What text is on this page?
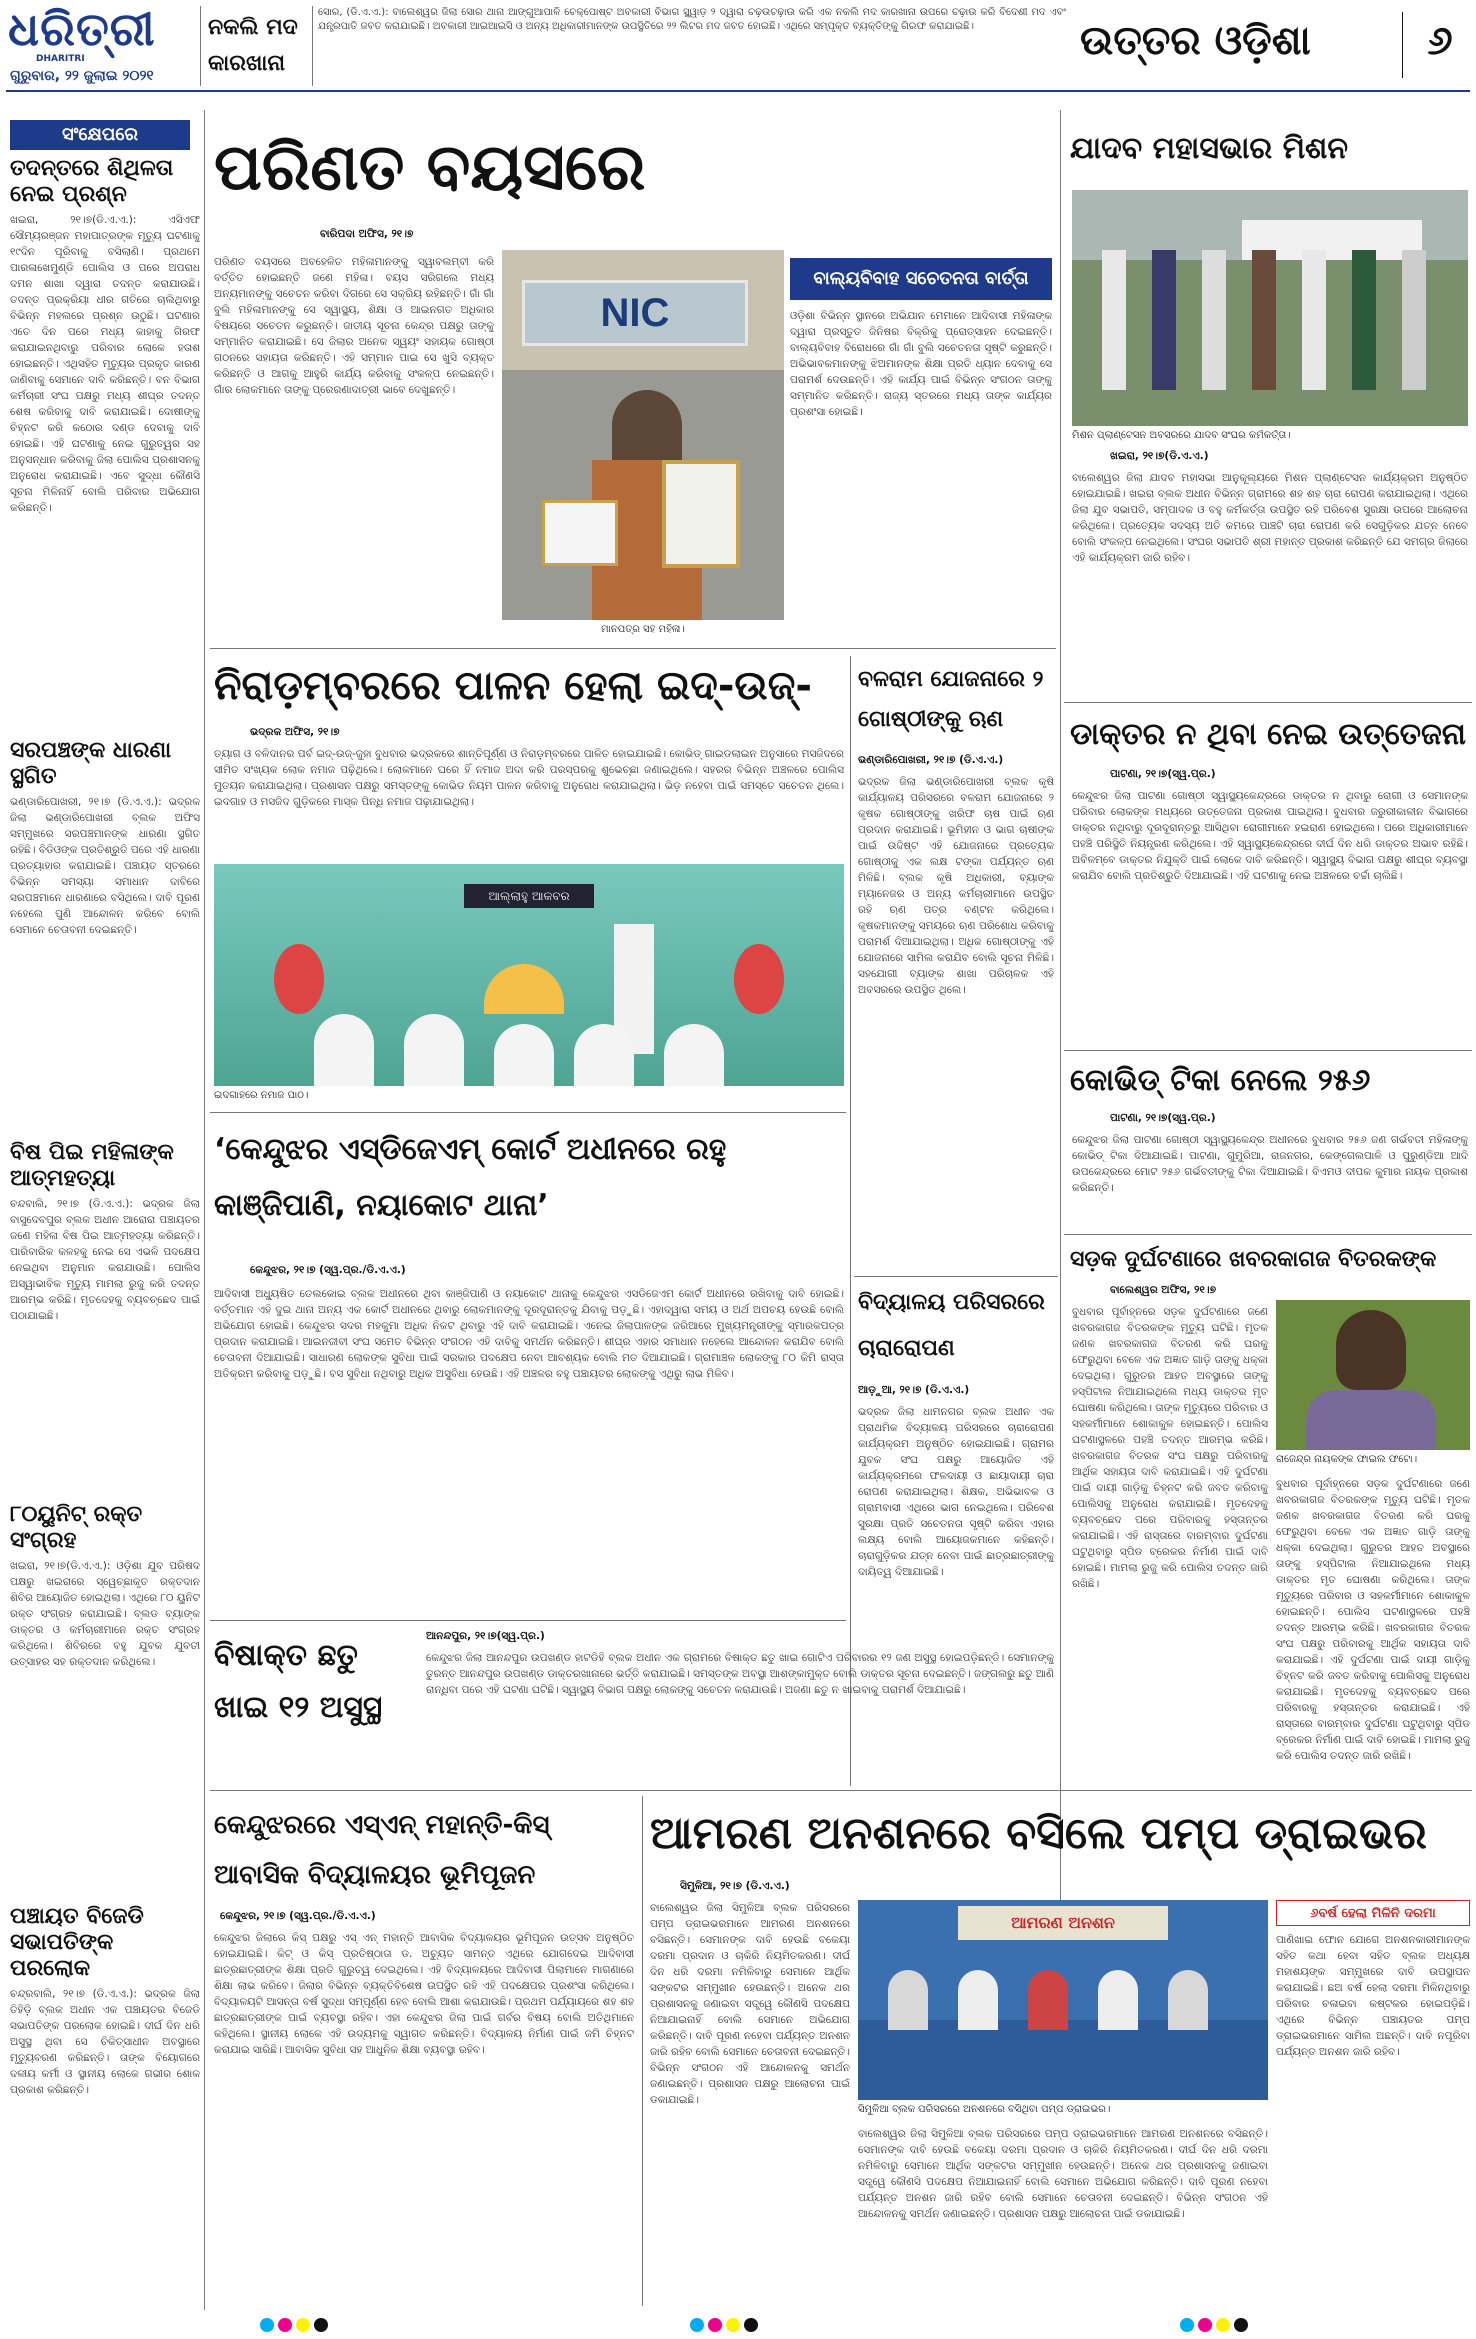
ଧରିତ୍ରୀ
DHARITRI
ଗୁରୁବାର, ୨୨ ଜୁଲାଇ ୨୦୨୧
ନକଲି ମଦ କାରଖାନା
ସୋର, (ଡି.ଏ.ଏ.): ବାଲେଶ୍ୱର ଜିଲା ସୋର ଥାନା ଆଙ୍ଗୁଆପାଳି ଚେକ୍‌ପୋଷ୍ଟ ଅବକାରୀ ବିଭାଗ ସ୍କ୍ୱାଡ଼ ୨ ଦ୍ୱାରା ଚଢ଼ଉଚଢ଼ାଉ କରି ଏକ ନକଲି ମଦ କାରଖାନା ଉପରେ ଚଢ଼ାଉ କରି ବିଦେଶୀ ମଦ ଏବଂ ଯନ୍ତ୍ରପାତି ଜବତ କରାଯାଇଛି। ଅବକାରୀ ଆଇଆଇସି ଓ ଅନ୍ୟ ଅଧିକାରୀମାନଙ୍କ ଉପସ୍ଥିତିରେ ୨୨ ଲିଟର ମଦ ଜବତ ହୋଇଛି। ଏଥିରେ ସମ୍ପୃକ୍ତ ବ୍ୟକ୍ତିଙ୍କୁ ଗିରଫ କରାଯାଇଛି।	ଉତ୍ତର ଓଡ଼ିଶା	୬
ସଂକ୍ଷେପରେ
ତଦନ୍ତରେ ଶିଥିଳତା ନେଇ ପ୍ରଶ୍ନ
ଖଇରା, ୨୧।୭(ଡି.ଏ.ଏ.): ଏସିଏଫ ସୌମ୍ୟରଞ୍ଜନ ମହାପାତ୍ରଙ୍କ ମୃତ୍ୟୁ ଘଟଣାକୁ ୧୯ଦିନ ପୂରିବାକୁ ବସିଲାଣି। ପ୍ରଥମେ ପାରଳାଖେମୁଣ୍ଡି ପୋଲିସ ଓ ପରେ ଅପରାଧ ଦମନ ଶାଖା ଦ୍ୱାରା ତଦନ୍ତ କରାଯାଉଛି। ତଦନ୍ତ ପ୍ରକ୍ରିୟା ଧୀର ଗତିରେ ଚାଲିଥିବାରୁ ବିଭିନ୍ନ ମହଲରେ ପ୍ରଶ୍ନ ଉଠୁଛି। ଘଟଣାର ଏତେ ଦିନ ପରେ ମଧ୍ୟ କାହାକୁ ଗିରଫ କରାଯାଇନଥିବାରୁ ପରିବାର ଲୋକେ ହତାଶ ହୋଇଛନ୍ତି। ଏଥିସହିତ ମୃତ୍ୟୁର ପ୍ରକୃତ କାରଣ ଜାଣିବାକୁ ସେମାନେ ଦାବି କରିଛନ୍ତି। ବନ ବିଭାଗ କର୍ମଚାରୀ ସଂଘ ପକ୍ଷରୁ ମଧ୍ୟ ଶୀଘ୍ର ତଦନ୍ତ ଶେଷ କରିବାକୁ ଦାବି କରାଯାଇଛି। ଦୋଷୀଙ୍କୁ ଚିହ୍ନଟ କରି କଠୋର ଦଣ୍ଡ ଦେବାକୁ ଦାବି ହୋଇଛି। ଏହି ଘଟଣାକୁ ନେଇ ଗୁରୁତ୍ୱର ସହ ଅନୁସନ୍ଧାନ କରିବାକୁ ଜିଲା ପୋଲିସ ପ୍ରଶାସନକୁ ଅନୁରୋଧ କରାଯାଇଛି। ଏବେ ସୁଦ୍ଧା କୌଣସି ସୂଚନା ମିଳିନାହିଁ ବୋଲି ପରିବାର ଅଭିଯୋଗ କରିଛନ୍ତି।
ସରପଞ୍ଚଙ୍କ ଧାରଣା ସ୍ଥଗିତ
ଭଣ୍ଡାରିପୋଖରୀ, ୨୧।୭ (ଡି.ଏ.ଏ.): ଭଦ୍ରକ ଜିଲା ଭଣ୍ଡାରିପୋଖରୀ ବ୍ଲକ ଅଫିସ ସମ୍ମୁଖରେ ସରପଞ୍ଚମାନଙ୍କ ଧାରଣା ସ୍ଥଗିତ ରହିଛି। ବିଡିଓଙ୍କ ପ୍ରତିଶ୍ରୁତି ପରେ ଏହି ଧାରଣା ପ୍ରତ୍ୟାହାର କରାଯାଇଛି। ପଞ୍ଚାୟତ ସ୍ତରରେ ବିଭିନ୍ନ ସମସ୍ୟା ସମାଧାନ ଦାବିରେ ସରପଞ୍ଚମାନେ ଧାରଣାରେ ବସିଥିଲେ। ଦାବି ପୂରଣ ନହେଲେ ପୁଣି ଆନ୍ଦୋଳନ କରିବେ ବୋଲି ସେମାନେ ଚେତାବନୀ ଦେଇଛନ୍ତି।
ବିଷ ପିଇ ମହିଳାଙ୍କ ଆତ୍ମହତ୍ୟା
ଚନ୍ଦବାଲି, ୨୧।୭ (ଡି.ଏ.ଏ.): ଭଦ୍ରକ ଜିଲା ବାସୁଦେବପୁର ବ୍ଲକ ଅଧୀନ ଆରୋରା ପଞ୍ଚାୟତର ଜଣେ ମହିଳା ବିଷ ପିଇ ଆତ୍ମହତ୍ୟା କରିଛନ୍ତି। ପାରିବାରିକ କଳହକୁ ନେଇ ସେ ଏଭଳି ପଦକ୍ଷେପ ନେଇଥିବା ଅନୁମାନ କରାଯାଉଛି। ପୋଲିସ ଅସ୍ୱାଭାବିକ ମୃତ୍ୟୁ ମାମଲା ରୁଜୁ କରି ତଦନ୍ତ ଆରମ୍ଭ କରିଛି। ମୃତଦେହକୁ ବ୍ୟବଚ୍ଛେଦ ପାଇଁ ପଠାଯାଇଛି।
୮୦ୟୁନିଟ୍ ରକ୍ତ ସଂଗ୍ରହ
ଖଇରା, ୨୧।୭(ଡି.ଏ.ଏ.): ଓଡ଼ିଶା ଯୁବ ପରିଷଦ ପକ୍ଷରୁ ଖଇରାରେ ସ୍ୱେଚ୍ଛାକୃତ ରକ୍ତଦାନ ଶିବିର ଆୟୋଜିତ ହୋଇଥିଲା। ଏଥିରେ ୮୦ ୟୁନିଟ ରକ୍ତ ସଂଗ୍ରହ କରାଯାଇଛି। ବ୍ଲଡ ବ୍ୟାଙ୍କ ଡାକ୍ତର ଓ କର୍ମଚାରୀମାନେ ରକ୍ତ ସଂଗ୍ରହ କରିଥିଲେ। ଶିବିରରେ ବହୁ ଯୁବକ ଯୁବତୀ ଉତ୍ସାହର ସହ ରକ୍ତଦାନ କରିଥିଲେ।
ପଞ୍ଚାୟତ ବିଜେଡି ସଭାପତିଙ୍କ ପରଲୋକ
ଚନ୍ଦ୍ରବାଲି, ୨୧।୭ (ଡି.ଏ.ଏ.): ଭଦ୍ରକ ଜିଲା ତିହିଡ଼ି ବ୍ଲକ ଅଧୀନ ଏକ ପଞ୍ଚାୟତର ବିଜେଡି ସଭାପତିଙ୍କ ପରଲୋକ ହୋଇଛି। ଦୀର୍ଘ ଦିନ ଧରି ଅସୁସ୍ଥ ଥିବା ସେ ଚିକିତ୍ସାଧୀନ ଅବସ୍ଥାରେ ମୃତ୍ୟୁବରଣ କରିଛନ୍ତି। ତାଙ୍କ ବିୟୋଗରେ ଦଳୀୟ କର୍ମୀ ଓ ସ୍ଥାନୀୟ ଲୋକେ ଗଭୀର ଶୋକ ପ୍ରକାଶ କରିଛନ୍ତି।
ପରିଣତ ବୟସରେ
ବାରିପଦା ଅଫିସ, ୨୧।୭
ପରିଣତ ବୟସରେ ଅବହେଳିତ ମହିଳାମାନଙ୍କୁ ସ୍ୱାବଲମ୍ବୀ କରି ବର୍ତ୍ତିତ ହୋଇଛନ୍ତି ଜଣେ ମହିଳା। ବୟସ ସରିଗଲେ ମଧ୍ୟ ଅନ୍ୟମାନଙ୍କୁ ସଚେତନ କରିବା ଦିଗରେ ସେ ସକ୍ରିୟ ରହିଛନ୍ତି। ଗାଁ ଗାଁ ବୁଲି ମହିଳାମାନଙ୍କୁ ସେ ସ୍ୱାସ୍ଥ୍ୟ, ଶିକ୍ଷା ଓ ଆଇନଗତ ଅଧିକାର ବିଷୟରେ ସଚେତନ କରୁଛନ୍ତି। ଜାତୀୟ ସୂଚନା କେନ୍ଦ୍ର ପକ୍ଷରୁ ତାଙ୍କୁ ସମ୍ମାନିତ କରାଯାଇଛି। ସେ ଜିଲାର ଅନେକ ସ୍ୱୟଂ ସହାୟକ ଗୋଷ୍ଠୀ ଗଠନରେ ସହାୟତା କରିଛନ୍ତି। ଏହି ସମ୍ମାନ ପାଇ ସେ ଖୁସି ବ୍ୟକ୍ତ କରିଛନ୍ତି ଓ ଆଗକୁ ଆହୁରି କାର୍ଯ୍ୟ କରିବାକୁ ସଂକଳ୍ପ ନେଇଛନ୍ତି। ଗାଁର ଲୋକମାନେ ତାଙ୍କୁ ପ୍ରେରଣାଦାତ୍ରୀ ଭାବେ ଦେଖୁଛନ୍ତି।
NIC
ମାନପତ୍ର ସହ ମହିଳା।
ବାଲ୍ୟବିବାହ ସଚେତନତା ବାର୍ତ୍ତା
ଓଡ଼ିଶା ବିଭିନ୍ନ ସ୍ଥାନରେ ଅଭିଯାନ ମେମାନେ ଆଦିବାସୀ ମହିଳାଙ୍କ ଦ୍ୱାରା ପ୍ରସ୍ତୁତ ଜିନିଷର ବିକ୍ରିକୁ ପ୍ରୋତ୍ସାହନ ଦେଇଛନ୍ତି। ବାଲ୍ୟବିବାହ ବିରୋଧରେ ଗାଁ ଗାଁ ବୁଲି ସଚେତନତା ସୃଷ୍ଟି କରୁଛନ୍ତି। ଅଭିଭାବକମାନଙ୍କୁ ଝିଅମାନଙ୍କ ଶିକ୍ଷା ପ୍ରତି ଧ୍ୟାନ ଦେବାକୁ ସେ ପରାମର୍ଶ ଦେଉଛନ୍ତି। ଏହି କାର୍ଯ୍ୟ ପାଇଁ ବିଭିନ୍ନ ସଂଗଠନ ତାଙ୍କୁ ସମ୍ମାନିତ କରିଛନ୍ତି। ରାଜ୍ୟ ସ୍ତରରେ ମଧ୍ୟ ତାଙ୍କ କାର୍ଯ୍ୟର ପ୍ରଶଂସା ହୋଇଛି।
ଯାଦବ ମହାସଭାର ମିଶନ
ମିଶନ ପ୍ଲାଣ୍ଟେସନ ଅବସରରେ ଯାଦବ ସଂଘର କର୍ମକର୍ତ୍ତା।
ଖଇରା, ୨୧।୭(ଡି.ଏ.ଏ.)
ବାଲେଶ୍ୱର ଜିଲା ଯାଦବ ମହାସଭା ଆନୁକୂଲ୍ୟରେ ମିଶନ ପ୍ଲାଣ୍ଟେସନ କାର୍ଯ୍ୟକ୍ରମ ଅନୁଷ୍ଠିତ ହୋଇଯାଇଛି। ଖଇରା ବ୍ଲକ ଅଧୀନ ବିଭିନ୍ନ ଗ୍ରାମରେ ଶହ ଶହ ଚାରା ରୋପଣ କରାଯାଇଥିଲା। ଏଥିରେ ଜିଲା ଯୁବ ସଭାପତି, ସମ୍ପାଦକ ଓ ବହୁ କର୍ମକର୍ତ୍ତା ଉପସ୍ଥିତ ରହି ପରିବେଶ ସୁରକ୍ଷା ଉପରେ ଆଲୋଚନା କରିଥିଲେ। ପ୍ରତ୍ୟେକ ସଦସ୍ୟ ଅତି କମରେ ପାଞ୍ଚଟି ଚାରା ରୋପଣ କରି ସେଗୁଡ଼ିକର ଯତ୍ନ ନେବେ ବୋଲି ସଂକଳ୍ପ ନେଇଥିଲେ। ସଂଘର ସଭାପତି ଶ୍ରୀ ମହାନ୍ତ ପ୍ରକାଶ କରିଛନ୍ତି ଯେ ସମଗ୍ର ଜିଲାରେ ଏହି କାର୍ଯ୍ୟକ୍ରମ ଜାରି ରହିବ।
ନିରାଡ଼ମ୍ବରରେ ପାଳନ ହେଲା ଇଦ୍-ଉଜ୍-
ଭଦ୍ରକ ଅଫିସ, ୨୧।୭
ତ୍ୟାଗ ଓ ବଳିଦାନର ପର୍ବ ଇଦ୍-ଉଜ୍-ଜୁହା ବୁଧବାର ଭଦ୍ରକରେ ଶାନ୍ତିପୂର୍ଣ୍ଣ ଓ ନିରାଡ଼ମ୍ବରରେ ପାଳିତ ହୋଇଯାଇଛି। କୋଭିଡ୍ ଗାଇଡଲାଇନ ଅନୁସାରେ ମସଜିଦରେ ସୀମିତ ସଂଖ୍ୟକ ଲୋକ ନମାଜ ପଢ଼ିଥିଲେ। ଲୋକମାନେ ଘରେ ହିଁ ନମାଜ ଅଦା କରି ପରସ୍ପରକୁ ଶୁଭେଚ୍ଛା ଜଣାଇଥିଲେ। ସହରର ବିଭିନ୍ନ ଅଞ୍ଚଳରେ ପୋଲିସ ମୁତୟନ କରାଯାଇଥିଲା। ପ୍ରଶାସନ ପକ୍ଷରୁ ସମସ୍ତଙ୍କୁ କୋଭିଡ ନିୟମ ପାଳନ କରିବାକୁ ଅନୁରୋଧ କରାଯାଇଥିଲା। ଭିଡ଼ ନହେବା ପାଇଁ ସମସ୍ତେ ସଚେତନ ଥିଲେ। ଇଦଗାହ ଓ ମସଜିଦ ଗୁଡ଼ିକରେ ମାସ୍କ ପିନ୍ଧି ନମାଜ ପଢ଼ାଯାଇଥିଲା।
ଆଲ୍ଲାହୁ ଆକବର
ଇଦଗାହରେ ନମାଜ ପାଠ।
ବଳରାମ ଯୋଜନାରେ ୨ ଗୋଷ୍ଠୀଙ୍କୁ ଋଣ
ଭଣ୍ଡାରିପୋଖରୀ, ୨୧।୭ (ଡି.ଏ.ଏ.)
ଭଦ୍ରକ ଜିଲା ଭଣ୍ଡାରିପୋଖରୀ ବ୍ଲକ କୃଷି କାର୍ଯ୍ୟାଳୟ ପରିସରରେ ବଳରାମ ଯୋଜନାରେ ୨ କୃଷକ ଗୋଷ୍ଠୀଙ୍କୁ ଖରିଫ ଚାଷ ପାଇଁ ଋଣ ପ୍ରଦାନ କରାଯାଇଛି। ଭୂମିହୀନ ଓ ଭାଗ ଚାଷୀଙ୍କ ପାଇଁ ଉଦ୍ଦିଷ୍ଟ ଏହି ଯୋଜନାରେ ପ୍ରତ୍ୟେକ ଗୋଷ୍ଠୀକୁ ଏକ ଲକ୍ଷ ଟଙ୍କା ପର୍ଯ୍ୟନ୍ତ ଋଣ ମିଳିଛି। ବ୍ଲକ କୃଷି ଅଧିକାରୀ, ବ୍ୟାଙ୍କ ମ୍ୟାନେଜର ଓ ଅନ୍ୟ କର୍ମଚାରୀମାନେ ଉପସ୍ଥିତ ରହି ଋଣ ପତ୍ର ବଣ୍ଟନ କରିଥିଲେ। କୃଷକମାନଙ୍କୁ ସମୟରେ ଋଣ ପରିଶୋଧ କରିବାକୁ ପରାମର୍ଶ ଦିଆଯାଇଥିଲା। ଅଧିକ ଗୋଷ୍ଠୀଙ୍କୁ ଏହି ଯୋଜନାରେ ସାମିଲ କରାଯିବ ବୋଲି ସୂଚନା ମିଳିଛି। ସହଯୋଗୀ ବ୍ୟାଙ୍କ ଶାଖା ପରିଚାଳକ ଏହି ଅବସରରେ ଉପସ୍ଥିତ ଥିଲେ।
ଡାକ୍ତର ନ ଥିବା ନେଇ ଉତ୍ତେଜନା
ପାଟଣା, ୨୧।୭(ସ୍ୱ.ପ୍ର.)
କେନ୍ଦୁଝର ଜିଲା ପାଟଣା ଗୋଷ୍ଠୀ ସ୍ୱାସ୍ଥ୍ୟକେନ୍ଦ୍ରରେ ଡାକ୍ତର ନ ଥିବାରୁ ରୋଗୀ ଓ ସେମାନଙ୍କ ପରିବାର ଲୋକଙ୍କ ମଧ୍ୟରେ ଉତ୍ତେଜନା ପ୍ରକାଶ ପାଇଥିଲା। ବୁଧବାର ଜରୁରୀକାଳୀନ ବିଭାଗରେ ଡାକ୍ତର ନଥିବାରୁ ଦୂରଦୂରାନ୍ତରୁ ଆସିଥିବା ରୋଗୀମାନେ ହଇରାଣ ହୋଇଥିଲେ। ପରେ ଅଧିକାରୀମାନେ ପହଞ୍ଚି ପରିସ୍ଥିତି ନିୟନ୍ତ୍ରଣ କରିଥିଲେ। ଏହି ସ୍ୱାସ୍ଥ୍ୟକେନ୍ଦ୍ରରେ ଦୀର୍ଘ ଦିନ ଧରି ଡାକ୍ତର ଅଭାବ ରହିଛି। ଅବିଳମ୍ବେ ଡାକ୍ତର ନିଯୁକ୍ତି ପାଇଁ ଲୋକେ ଦାବି କରିଛନ୍ତି। ସ୍ୱାସ୍ଥ୍ୟ ବିଭାଗ ପକ୍ଷରୁ ଶୀଘ୍ର ବ୍ୟବସ୍ଥା କରାଯିବ ବୋଲି ପ୍ରତିଶ୍ରୁତି ଦିଆଯାଇଛି। ଏହି ଘଟଣାକୁ ନେଇ ଅଞ୍ଚଳରେ ଚର୍ଚ୍ଚା ଚାଲିଛି।
କୋଭିଡ୍ ଟିକା ନେଲେ ୨୫୬
ପାଟଣା, ୨୧।୭(ସ୍ୱ.ପ୍ର.)
କେନ୍ଦୁଝର ଜିଲା ପାଟଣା ଗୋଷ୍ଠୀ ସ୍ୱାସ୍ଥ୍ୟକେନ୍ଦ୍ର ଅଧୀନରେ ବୁଧବାର ୨୫୬ ଜଣ ଗର୍ଭବତୀ ମହିଳାଙ୍କୁ କୋଭିଡ୍ ଟିକା ଦିଆଯାଇଛି। ପାଟଣା, ଗୁମୁରିଆ, ରାଜନଗର, କେଙ୍ଗେଲପାଳି ଓ ପୁରୁଣ୍ଡିଆ ଆଦି ଉପକେନ୍ଦ୍ରରେ ମୋଟ ୨୫୬ ଗର୍ଭବତୀଙ୍କୁ ଟିକା ଦିଆଯାଇଛି। ବିଏମଓ ଦୀପକ କୁମାର ନାୟକ ପ୍ରକାଶ କରିଛନ୍ତି।
‘କେନ୍ଦୁଝର ଏସ୍‌ଡିଜେଏମ୍ କୋର୍ଟ ଅଧୀନରେ ରହୁ କାଞ୍ଜିପାଣି, ନୟାକୋଟ ଥାନା’
କେନ୍ଦୁଝର, ୨୧।୭ (ସ୍ୱ.ପ୍ର./ଡି.ଏ.ଏ.)
ଆଦିବାସୀ ଅଧ୍ୟୁଷିତ ତେଲକୋଇ ବ୍ଲକ ଅଧୀନରେ ଥିବା କାଞ୍ଜିପାଣି ଓ ନୟାକୋଟ ଥାନାକୁ କେନ୍ଦୁଝର ଏସଡିଜେଏମ କୋର୍ଟ ଅଧୀନରେ ରଖିବାକୁ ଦାବି ହୋଇଛି। ବର୍ତ୍ତମାନ ଏହି ଦୁଇ ଥାନା ଅନ୍ୟ ଏକ କୋର୍ଟ ଅଧୀନରେ ଥିବାରୁ ଲୋକମାନଙ୍କୁ ଦୂରଦୂରାନ୍ତକୁ ଯିବାକୁ ପଡ଼ୁଛି। ଏହାଦ୍ୱାରା ସମୟ ଓ ଅର୍ଥ ଅପଚୟ ହେଉଛି ବୋଲି ଅଭିଯୋଗ ହୋଇଛି। କେନ୍ଦୁଝର ସଦର ମହକୁମା ଅଧିକ ନିକଟ ଥିବାରୁ ଏହି ଦାବି କରାଯାଇଛି। ଏନେଇ ଜିଲାପାଳଙ୍କ ଜରିଆରେ ମୁଖ୍ୟମନ୍ତ୍ରୀଙ୍କୁ ସ୍ମାରକପତ୍ର ପ୍ରଦାନ କରାଯାଇଛି। ଆଇନଜୀବୀ ସଂଘ ସମେତ ବିଭିନ୍ନ ସଂଗଠନ ଏହି ଦାବିକୁ ସମର୍ଥନ କରିଛନ୍ତି। ଶୀଘ୍ର ଏହାର ସମାଧାନ ନହେଲେ ଆନ୍ଦୋଳନ କରାଯିବ ବୋଲି ଚେତାବନୀ ଦିଆଯାଇଛି। ସାଧାରଣ ଲୋକଙ୍କ ସୁବିଧା ପାଇଁ ସରକାର ପଦକ୍ଷେପ ନେବା ଆବଶ୍ୟକ ବୋଲି ମତ ଦିଆଯାଇଛି। ଗ୍ରାମାଞ୍ଚଳ ଲୋକଙ୍କୁ ୮୦ କିମି ରାସ୍ତା ଅତିକ୍ରମ କରିବାକୁ ପଡ଼ୁଛି। ବସ ସୁବିଧା ନଥିବାରୁ ଅଧିକ ଅସୁବିଧା ହେଉଛି। ଏହି ଅଞ୍ଚଳର ବହୁ ପଞ୍ଚାୟତର ଲୋକଙ୍କୁ ଏଥିରୁ ଲାଭ ମିଳିବ।
ବିଦ୍ୟାଳୟ ପରିସରରେ ଚାରାରୋପଣ
ଆଡ଼ୁଆ, ୨୧।୭ (ଡି.ଏ.ଏ.)
ଭଦ୍ରକ ଜିଲା ଧାମନଗର ବ୍ଲକ ଅଧୀନ ଏକ ପ୍ରାଥମିକ ବିଦ୍ୟାଳୟ ପରିସରରେ ଚାରାରୋପଣ କାର୍ଯ୍ୟକ୍ରମ ଅନୁଷ୍ଠିତ ହୋଇଯାଇଛି। ଗ୍ରାମର ଯୁବକ ସଂଘ ପକ୍ଷରୁ ଆୟୋଜିତ ଏହି କାର୍ଯ୍ୟକ୍ରମରେ ଫଳଦାୟୀ ଓ ଛାୟାଦାୟୀ ଚାରା ରୋପଣ କରାଯାଇଥିଲା। ଶିକ୍ଷକ, ଅଭିଭାବକ ଓ ଗ୍ରାମବାସୀ ଏଥିରେ ଭାଗ ନେଇଥିଲେ। ପରିବେଶ ସୁରକ୍ଷା ପ୍ରତି ସଚେତନତା ସୃଷ୍ଟି କରିବା ଏହାର ଲକ୍ଷ୍ୟ ବୋଲି ଆୟୋଜକମାନେ କହିଛନ୍ତି। ଚାରାଗୁଡ଼ିକର ଯତ୍ନ ନେବା ପାଇଁ ଛାତ୍ରଛାତ୍ରୀଙ୍କୁ ଦାୟିତ୍ୱ ଦିଆଯାଇଛି।
ସଡ଼କ ଦୁର୍ଘଟଣାରେ ଖବରକାଗଜ ବିତରକଙ୍କ
ବାଲେଶ୍ୱର ଅଫିସ, ୨୧।୭
ବୁଧବାର ପୂର୍ବାହ୍ନରେ ସଡ଼କ ଦୁର୍ଘଟଣାରେ ଜଣେ ଖବରକାଗଜ ବିତରକଙ୍କ ମୃତ୍ୟୁ ଘଟିଛି। ମୃତକ ଜଣକ ଖବରକାଗଜ ବିତରଣ କରି ଘରକୁ ଫେରୁଥିବା ବେଳେ ଏକ ଅଜ୍ଞାତ ଗାଡ଼ି ତାଙ୍କୁ ଧକ୍କା ଦେଇଥିଲା। ଗୁରୁତର ଆହତ ଅବସ୍ଥାରେ ତାଙ୍କୁ ହସ୍ପିଟାଲ ନିଆଯାଇଥିଲେ ମଧ୍ୟ ଡାକ୍ତର ମୃତ ଘୋଷଣା କରିଥିଲେ। ତାଙ୍କ ମୃତ୍ୟୁରେ ପରିବାର ଓ ସହକର୍ମୀମାନେ ଶୋକାକୁଳ ହୋଇଛନ୍ତି। ପୋଲିସ ଘଟଣାସ୍ଥଳରେ ପହଞ୍ଚି ତଦନ୍ତ ଆରମ୍ଭ କରିଛି। ଖବରକାଗଜ ବିତରକ ସଂଘ ପକ୍ଷରୁ ପରିବାରକୁ ଆର୍ଥିକ ସହାୟତା ଦାବି କରାଯାଇଛି। ଏହି ଦୁର୍ଘଟଣା ପାଇଁ ଦାୟୀ ଗାଡ଼ିକୁ ଚିହ୍ନଟ କରି ଜବତ କରିବାକୁ ପୋଲିସକୁ ଅନୁରୋଧ କରାଯାଇଛି। ମୃତଦେହକୁ ବ୍ୟବଚ୍ଛେଦ ପରେ ପରିବାରକୁ ହସ୍ତାନ୍ତର କରାଯାଇଛି। ଏହି ରାସ୍ତାରେ ବାରମ୍ବାର ଦୁର୍ଘଟଣା ଘଟୁଥିବାରୁ ସ୍ପିଡ ବ୍ରେକର ନିର୍ମାଣ ପାଇଁ ଦାବି ହୋଇଛି। ମାମଲା ରୁଜୁ କରି ପୋଲିସ ତଦନ୍ତ ଜାରି ରଖିଛି।
ରାଜେନ୍ଦ୍ର ନାୟକଙ୍କ ଫାଇଲ ଫଟୋ।
ବୁଧବାର ପୂର୍ବାହ୍ନରେ ସଡ଼କ ଦୁର୍ଘଟଣାରେ ଜଣେ ଖବରକାଗଜ ବିତରକଙ୍କ ମୃତ୍ୟୁ ଘଟିଛି। ମୃତକ ଜଣକ ଖବରକାଗଜ ବିତରଣ କରି ଘରକୁ ଫେରୁଥିବା ବେଳେ ଏକ ଅଜ୍ଞାତ ଗାଡ଼ି ତାଙ୍କୁ ଧକ୍କା ଦେଇଥିଲା। ଗୁରୁତର ଆହତ ଅବସ୍ଥାରେ ତାଙ୍କୁ ହସ୍ପିଟାଲ ନିଆଯାଇଥିଲେ ମଧ୍ୟ ଡାକ୍ତର ମୃତ ଘୋଷଣା କରିଥିଲେ। ତାଙ୍କ ମୃତ୍ୟୁରେ ପରିବାର ଓ ସହକର୍ମୀମାନେ ଶୋକାକୁଳ ହୋଇଛନ୍ତି। ପୋଲିସ ଘଟଣାସ୍ଥଳରେ ପହଞ୍ଚି ତଦନ୍ତ ଆରମ୍ଭ କରିଛି। ଖବରକାଗଜ ବିତରକ ସଂଘ ପକ୍ଷରୁ ପରିବାରକୁ ଆର୍ଥିକ ସହାୟତା ଦାବି କରାଯାଇଛି। ଏହି ଦୁର୍ଘଟଣା ପାଇଁ ଦାୟୀ ଗାଡ଼ିକୁ ଚିହ୍ନଟ କରି ଜବତ କରିବାକୁ ପୋଲିସକୁ ଅନୁରୋଧ କରାଯାଇଛି। ମୃତଦେହକୁ ବ୍ୟବଚ୍ଛେଦ ପରେ ପରିବାରକୁ ହସ୍ତାନ୍ତର କରାଯାଇଛି। ଏହି ରାସ୍ତାରେ ବାରମ୍ବାର ଦୁର୍ଘଟଣା ଘଟୁଥିବାରୁ ସ୍ପିଡ ବ୍ରେକର ନିର୍ମାଣ ପାଇଁ ଦାବି ହୋଇଛି। ମାମଲା ରୁଜୁ କରି ପୋଲିସ ତଦନ୍ତ ଜାରି ରଖିଛି।
ବିଷାକ୍ତ ଛତୁ ଖାଇ ୧୨ ଅସୁସ୍ଥ
ଆନନ୍ଦପୁର, ୨୧।୭(ସ୍ୱ.ପ୍ର.)
କେନ୍ଦୁଝର ଜିଲା ଆନନ୍ଦପୁର ଉପଖଣ୍ଡ ହାଟଡିହି ବ୍ଲକ ଅଧୀନ ଏକ ଗ୍ରାମରେ ବିଷାକ୍ତ ଛତୁ ଖାଇ ଗୋଟିଏ ପରିବାରର ୧୨ ଜଣ ଅସୁସ୍ଥ ହୋଇପଡ଼ିଛନ୍ତି। ସେମାନଙ୍କୁ ତୁରନ୍ତ ଆନନ୍ଦପୁର ଉପଖଣ୍ଡ ଡାକ୍ତରଖାନାରେ ଭର୍ତ୍ତି କରାଯାଇଛି। ସମସ୍ତଙ୍କ ଅବସ୍ଥା ଆଶଙ୍କାମୁକ୍ତ ବୋଲି ଡାକ୍ତର ସୂଚନା ଦେଇଛନ୍ତି। ଜଙ୍ଗଲରୁ ଛତୁ ଆଣି ରାନ୍ଧିବା ପରେ ଏହି ଘଟଣା ଘଟିଛି। ସ୍ୱାସ୍ଥ୍ୟ ବିଭାଗ ପକ୍ଷରୁ ଲୋକଙ୍କୁ ସଚେତନ କରାଯାଉଛି। ଅଜଣା ଛତୁ ନ ଖାଇବାକୁ ପରାମର୍ଶ ଦିଆଯାଇଛି।
କେନ୍ଦୁଝରରେ ଏସ୍‌ଏନ୍ ମହାନ୍ତି-କିସ୍ ଆବାସିକ ବିଦ୍ୟାଳୟର ଭୂମିପୂଜନ
କେନ୍ଦୁଝର, ୨୧।୭ (ସ୍ୱ.ପ୍ର./ଡି.ଏ.ଏ.)
କେନ୍ଦୁଝର ଜିଲାରେ କିସ୍ ପକ୍ଷରୁ ଏସ୍ ଏନ୍ ମହାନ୍ତି ଆବାସିକ ବିଦ୍ୟାଳୟର ଭୂମିପୂଜନ ଉତ୍ସବ ଅନୁଷ୍ଠିତ ହୋଇଯାଇଛି। କିଟ୍ ଓ କିସ୍ ପ୍ରତିଷ୍ଠାତା ଡ. ଅଚ୍ୟୁତ ସାମନ୍ତ ଏଥିରେ ଯୋଗଦେଇ ଆଦିବାସୀ ଛାତ୍ରଛାତ୍ରୀଙ୍କ ଶିକ୍ଷା ପ୍ରତି ଗୁରୁତ୍ୱ ଦେଇଥିଲେ। ଏହି ବିଦ୍ୟାଳୟରେ ଆଦିବାସୀ ପିଲାମାନେ ମାଗଣାରେ ଶିକ୍ଷା ଲାଭ କରିବେ। ଜିଲାର ବିଭିନ୍ନ ବ୍ୟକ୍ତିବିଶେଷ ଉପସ୍ଥିତ ରହି ଏହି ପଦକ୍ଷେପର ପ୍ରଶଂସା କରିଥିଲେ। ବିଦ୍ୟାଳୟଟି ଆସନ୍ତା ବର୍ଷ ସୁଦ୍ଧା ସମ୍ପୂର୍ଣ୍ଣ ହେବ ବୋଲି ଆଶା କରାଯାଉଛି। ପ୍ରଥମ ପର୍ଯ୍ୟାୟରେ ଶହ ଶହ ଛାତ୍ରଛାତ୍ରୀଙ୍କ ପାଇଁ ବ୍ୟବସ୍ଥା ରହିବ। ଏହା କେନ୍ଦୁଝର ଜିଲା ପାଇଁ ଗର୍ବର ବିଷୟ ବୋଲି ଅତିଥିମାନେ କହିଥିଲେ। ସ୍ଥାନୀୟ ଲୋକେ ଏହି ଉଦ୍ୟମକୁ ସ୍ୱାଗତ କରିଛନ୍ତି। ବିଦ୍ୟାଳୟ ନିର୍ମାଣ ପାଇଁ ଜମି ଚିହ୍ନଟ କରାଯାଇ ସାରିଛି। ଆବାସିକ ସୁବିଧା ସହ ଆଧୁନିକ ଶିକ୍ଷା ବ୍ୟବସ୍ଥା ରହିବ।
ଆମରଣ ଅନଶନରେ ବସିଲେ ପମ୍ପ ଡ୍ରାଇଭର
ସିମୁଳିଆ, ୨୧।୭ (ଡି.ଏ.ଏ.)
ବାଲେଶ୍ୱର ଜିଲା ସିମୁଳିଆ ବ୍ଲକ ପରିସରରେ ପମ୍ପ ଡ୍ରାଇଭରମାନେ ଆମରଣ ଅନଶନରେ ବସିଛନ୍ତି। ସେମାନଙ୍କ ଦାବି ହେଉଛି ବକେୟା ଦରମା ପ୍ରଦାନ ଓ ଚାକିରି ନିୟମିତକରଣ। ଦୀର୍ଘ ଦିନ ଧରି ଦରମା ନମିଳିବାରୁ ସେମାନେ ଆର୍ଥିକ ସଙ୍କଟର ସମ୍ମୁଖୀନ ହେଉଛନ୍ତି। ଅନେକ ଥର ପ୍ରଶାସନକୁ ଜଣାଇବା ସତ୍ତ୍ୱେ କୌଣସି ପଦକ୍ଷେପ ନିଆଯାଇନାହିଁ ବୋଲି ସେମାନେ ଅଭିଯୋଗ କରିଛନ୍ତି। ଦାବି ପୂରଣ ନହେବା ପର୍ଯ୍ୟନ୍ତ ଅନଶନ ଜାରି ରହିବ ବୋଲି ସେମାନେ ଚେତାବନୀ ଦେଇଛନ୍ତି। ବିଭିନ୍ନ ସଂଗଠନ ଏହି ଆନ୍ଦୋଳନକୁ ସମର୍ଥନ ଜଣାଇଛନ୍ତି। ପ୍ରଶାସନ ପକ୍ଷରୁ ଆଲୋଚନା ପାଇଁ ଡକାଯାଇଛି।
ଆମରଣ ଅନଶନ
ସିମୁଳିଆ ବ୍ଲକ ପରିସରରେ ଅନଶନରେ ବସିଥିବା ପମ୍ପ ଡ୍ରାଇଭର।
ବାଲେଶ୍ୱର ଜିଲା ସିମୁଳିଆ ବ୍ଲକ ପରିସରରେ ପମ୍ପ ଡ୍ରାଇଭରମାନେ ଆମରଣ ଅନଶନରେ ବସିଛନ୍ତି। ସେମାନଙ୍କ ଦାବି ହେଉଛି ବକେୟା ଦରମା ପ୍ରଦାନ ଓ ଚାକିରି ନିୟମିତକରଣ। ଦୀର୍ଘ ଦିନ ଧରି ଦରମା ନମିଳିବାରୁ ସେମାନେ ଆର୍ଥିକ ସଙ୍କଟର ସମ୍ମୁଖୀନ ହେଉଛନ୍ତି। ଅନେକ ଥର ପ୍ରଶାସନକୁ ଜଣାଇବା ସତ୍ତ୍ୱେ କୌଣସି ପଦକ୍ଷେପ ନିଆଯାଇନାହିଁ ବୋଲି ସେମାନେ ଅଭିଯୋଗ କରିଛନ୍ତି। ଦାବି ପୂରଣ ନହେବା ପର୍ଯ୍ୟନ୍ତ ଅନଶନ ଜାରି ରହିବ ବୋଲି ସେମାନେ ଚେତାବନୀ ଦେଇଛନ୍ତି। ବିଭିନ୍ନ ସଂଗଠନ ଏହି ଆନ୍ଦୋଳନକୁ ସମର୍ଥନ ଜଣାଇଛନ୍ତି। ପ୍ରଶାସନ ପକ୍ଷରୁ ଆଲୋଚନା ପାଇଁ ଡକାଯାଇଛି।
୬ବର୍ଷ ହେଲା ମିଳିନି ଦରମା
ପାଣିଖାଇ ଫୋନ ଯୋଗେ ଅନଶନକାରୀମାନଙ୍କ ସହିତ କଥା ହେବା ସହିତ ବ୍ଲକ ଅଧ୍ୟକ୍ଷ ମହାଶୟଙ୍କ ସମ୍ମୁଖରେ ଦାବି ଉପସ୍ଥାପନ କରାଯାଇଛି। ଛଅ ବର୍ଷ ହେଲା ଦରମା ମିଳିନଥିବାରୁ ପରିବାର ଚଳାଇବା କଷ୍ଟକର ହୋଇପଡ଼ିଛି। ଏଥିରେ ବିଭିନ୍ନ ପଞ୍ଚାୟତର ପମ୍ପ ଡ୍ରାଇଭରମାନେ ସାମିଲ ଅଛନ୍ତି। ଦାବି ନପୂରିବା ପର୍ଯ୍ୟନ୍ତ ଅନଶନ ଜାରି ରହିବ।
